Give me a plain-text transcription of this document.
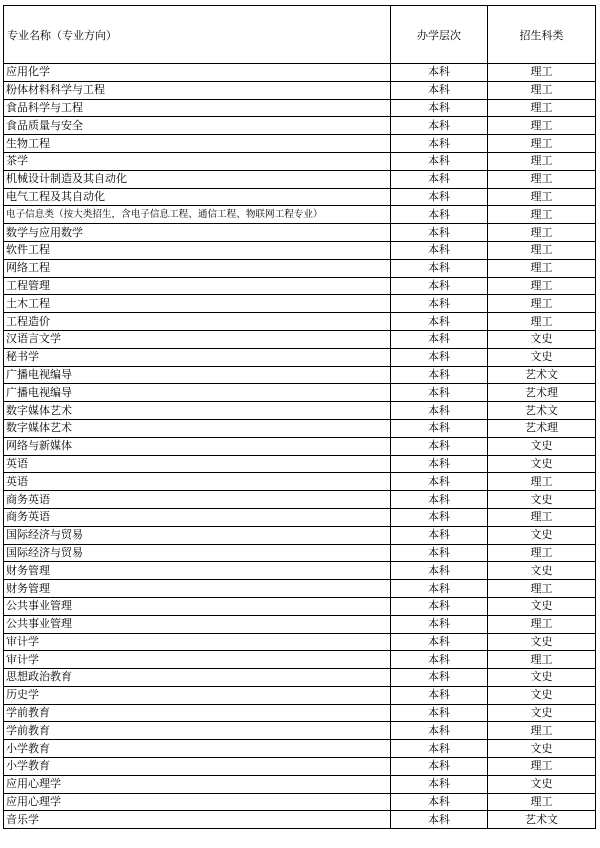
专业名称（专业方向）	办学层次	招生科类
应用化学	本科	理工
粉体材料科学与工程	本科	理工
食品科学与工程	本科	理工
食品质量与安全	本科	理工
生物工程	本科	理工
茶学	本科	理工
机械设计制造及其自动化	本科	理工
电气工程及其自动化	本科	理工
电子信息类（按大类招生，含电子信息工程、通信工程、物联网工程专业）	本科	理工
数学与应用数学	本科	理工
软件工程	本科	理工
网络工程	本科	理工
工程管理	本科	理工
土木工程	本科	理工
工程造价	本科	理工
汉语言文学	本科	文史
秘书学	本科	文史
广播电视编导	本科	艺术文
广播电视编导	本科	艺术理
数字媒体艺术	本科	艺术文
数字媒体艺术	本科	艺术理
网络与新媒体	本科	文史
英语	本科	文史
英语	本科	理工
商务英语	本科	文史
商务英语	本科	理工
国际经济与贸易	本科	文史
国际经济与贸易	本科	理工
财务管理	本科	文史
财务管理	本科	理工
公共事业管理	本科	文史
公共事业管理	本科	理工
审计学	本科	文史
审计学	本科	理工
思想政治教育	本科	文史
历史学	本科	文史
学前教育	本科	文史
学前教育	本科	理工
小学教育	本科	文史
小学教育	本科	理工
应用心理学	本科	文史
应用心理学	本科	理工
音乐学	本科	艺术文
